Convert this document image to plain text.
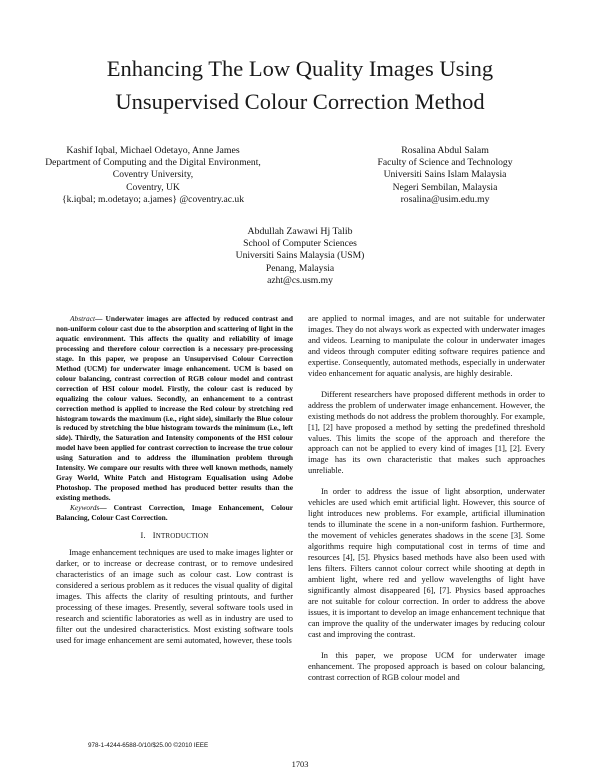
Enhancing The Low Quality Images Using
Unsupervised Colour Correction Method
Kashif Iqbal, Michael Odetayo, Anne James
Department of Computing and the Digital Environment,
Coventry University,
Coventry, UK
{k.iqbal; m.odetayo; a.james} @coventry.ac.uk
Rosalina Abdul Salam
Faculty of Science and Technology
Universiti Sains Islam Malaysia
Negeri Sembilan, Malaysia
rosalina@usim.edu.my
Abdullah Zawawi Hj Talib
School of Computer Sciences
Universiti Sains Malaysia (USM)
Penang, Malaysia
azht@cs.usm.my

Abstract— Underwater images are affected by reduced contrast and non-uniform colour cast due to the absorption and scattering of light in the aquatic environment. This affects the quality and reliability of image processing and therefore colour correction is a necessary pre-processing stage. In this paper, we propose an Unsupervised Colour Correction Method (UCM) for underwater image enhancement. UCM is based on colour balancing, contrast correction of RGB colour model and contrast correction of HSI colour model. Firstly, the colour cast is reduced by equalizing the colour values. Secondly, an enhancement to a contrast correction method is applied to increase the Red colour by stretching red histogram towards the maximum (i.e., right side), similarly the Blue colour is reduced by stretching the blue histogram towards the minimum (i.e., left side). Thirdly, the Saturation and Intensity components of the HSI colour model have been applied for contrast correction to increase the true colour using Saturation and to address the illumination problem through Intensity. We compare our results with three well known methods, namely Gray World, White Patch and Histogram Equalisation using Adobe Photoshop. The proposed method has produced better results than the existing methods.

Keywords— Contrast Correction, Image Enhancement, Colour Balancing, Colour Cast Correction.

I. INTRODUCTION

Image enhancement techniques are used to make images lighter or darker, or to increase or decrease contrast, or to remove undesired characteristics of an image such as colour cast. Low contrast is considered a serious problem as it reduces the visual quality of digital images. This affects the clarity of resulting printouts, and further processing of these images. Presently, several software tools used in research and scientific laboratories as well as in industry are used to filter out the undesired characteristics. Most existing software tools used for image enhancement are semi automated, however, these tools

are applied to normal images, and are not suitable for underwater images. They do not always work as expected with underwater images and videos. Learning to manipulate the colour in underwater images and videos through computer editing software requires patience and expertise. Consequently, automated methods, especially in underwater video enhancement for aquatic analysis, are highly desirable.

Different researchers have proposed different methods in order to address the problem of underwater image enhancement. However, the existing methods do not address the problem thoroughly. For example, [1], [2] have proposed a method by setting the predefined threshold values. This limits the scope of the approach and therefore the approach can not be applied to every kind of images [1], [2]. Every image has its own characteristic that makes such approaches unreliable.

In order to address the issue of light absorption, underwater vehicles are used which emit artificial light. However, this source of light introduces new problems. For example, artificial illumination tends to illuminate the scene in a non-uniform fashion. Furthermore, the movement of vehicles generates shadows in the scene [3]. Some algorithms require high computational cost in terms of time and resources [4], [5]. Physics based methods have also been used with lens filters. Filters cannot colour correct while shooting at depth in ambient light, where red and yellow wavelengths of light have significantly almost disappeared [6], [7]. Physics based approaches are not suitable for colour correction. In order to address the above issues, it is important to develop an image enhancement technique that can improve the quality of the underwater images by reducing colour cast and improving the contrast.

In this paper, we propose UCM for underwater image enhancement. The proposed approach is based on colour balancing, contrast correction of RGB colour model and

978-1-4244-6588-0/10/$25.00 ©2010 IEEE
1703
